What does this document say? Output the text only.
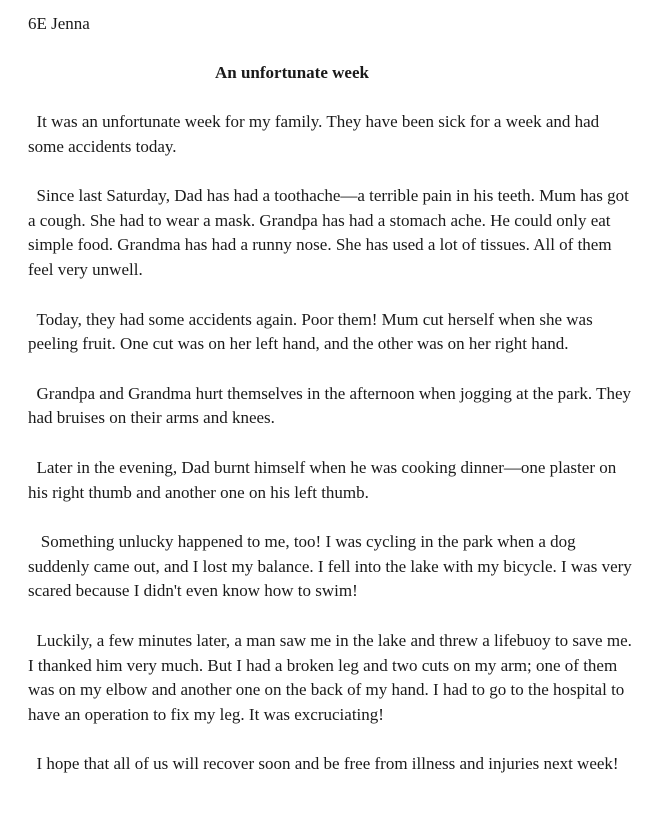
6E Jenna

An unfortunate week

It was an unfortunate week for my family. They have been sick for a week and had some accidents today.

Since last Saturday, Dad has had a toothache—a terrible pain in his teeth. Mum has got a cough. She had to wear a mask. Grandpa has had a stomach ache. He could only eat simple food. Grandma has had a runny nose. She has used a lot of tissues. All of them feel very unwell.

Today, they had some accidents again. Poor them! Mum cut herself when she was peeling fruit. One cut was on her left hand, and the other was on her right hand.

Grandpa and Grandma hurt themselves in the afternoon when jogging at the park. They had bruises on their arms and knees.

Later in the evening, Dad burnt himself when he was cooking dinner—one plaster on his right thumb and another one on his left thumb.

Something unlucky happened to me, too! I was cycling in the park when a dog suddenly came out, and I lost my balance. I fell into the lake with my bicycle. I was very scared because I didn't even know how to swim!

Luckily, a few minutes later, a man saw me in the lake and threw a lifebuoy to save me. I thanked him very much. But I had a broken leg and two cuts on my arm; one of them was on my elbow and another one on the back of my hand. I had to go to the hospital to have an operation to fix my leg. It was excruciating!

I hope that all of us will recover soon and be free from illness and injuries next week!
